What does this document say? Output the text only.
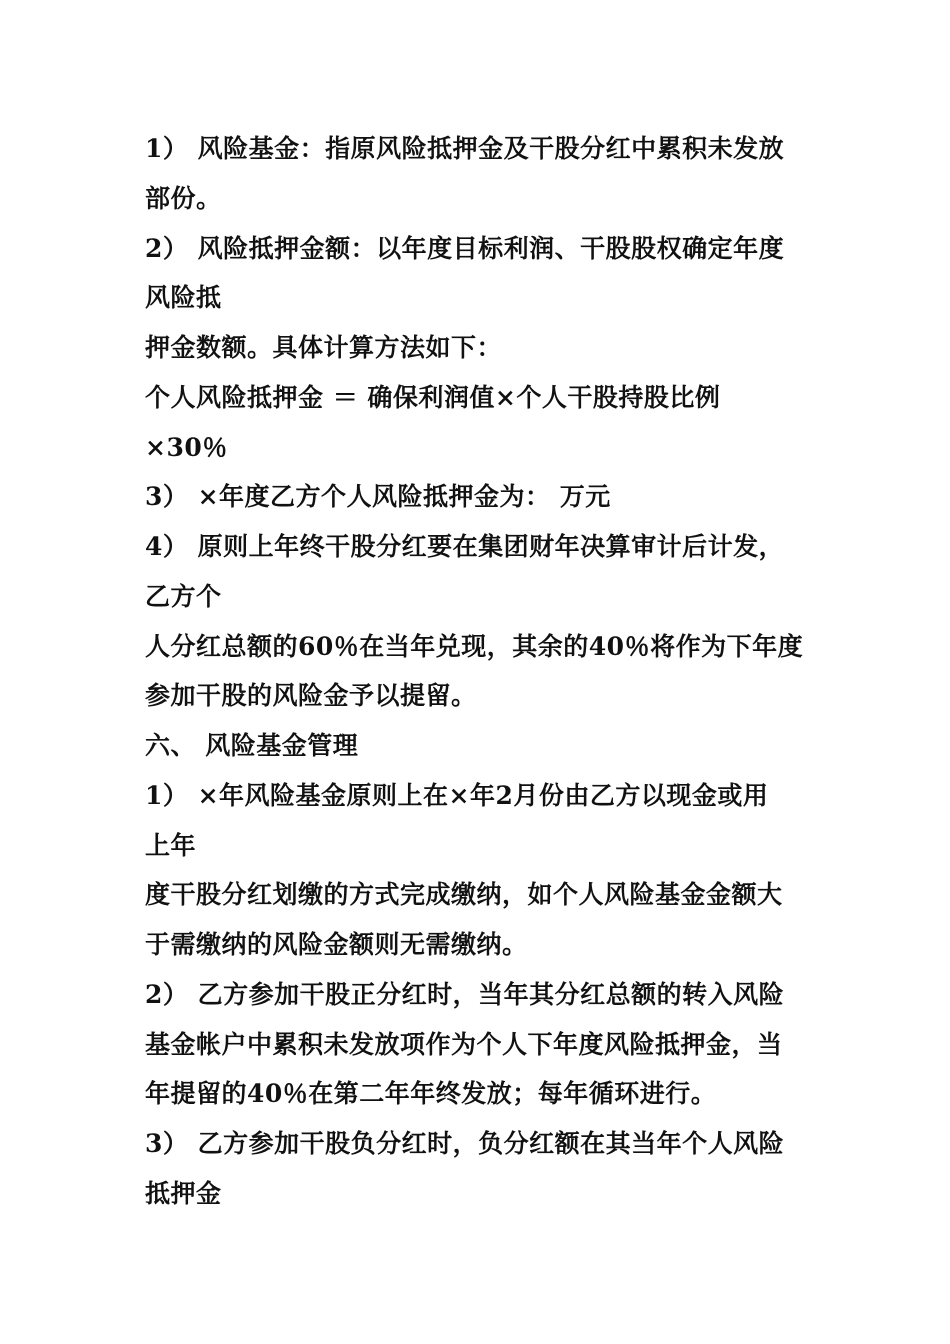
1） 风险基金：指原风险抵押金及干股分红中累积未发放
部份。
2） 风险抵押金额：以年度目标利润、干股股权确定年度
风险抵
押金数额。具体计算方法如下：
个人风险抵押金 ＝ 确保利润值×个人干股持股比例
×30％
3） ×年度乙方个人风险抵押金为： 万元
4） 原则上年终干股分红要在集团财年决算审计后计发，
乙方个
人分红总额的60％在当年兑现，其余的40％将作为下年度
参加干股的风险金予以提留。
六、 风险基金管理
1） ×年风险基金原则上在×年2月份由乙方以现金或用
上年
度干股分红划缴的方式完成缴纳，如个人风险基金金额大
于需缴纳的风险金额则无需缴纳。
2） 乙方参加干股正分红时，当年其分红总额的转入风险
基金帐户中累积未发放项作为个人下年度风险抵押金，当
年提留的40％在第二年年终发放；每年循环进行。
3） 乙方参加干股负分红时，负分红额在其当年个人风险
抵押金
